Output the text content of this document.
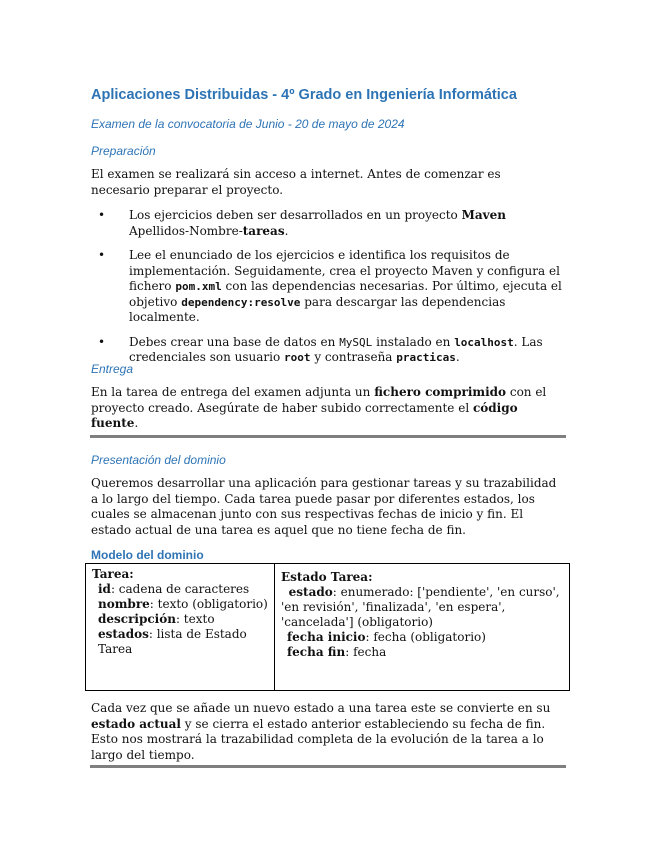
Aplicaciones Distribuidas - 4º Grado en Ingeniería Informática
Examen de la convocatoria de Junio - 20 de mayo de 2024
Preparación

El examen se realizará sin acceso a internet. Antes de comenzar es necesario preparar el proyecto.

• Los ejercicios deben ser desarrollados en un proyecto Maven Apellidos-Nombre-tareas.
• Lee el enunciado de los ejercicios e identifica los requisitos de implementación. Seguidamente, crea el proyecto Maven y configura el fichero pom.xml con las dependencias necesarias. Por último, ejecuta el objetivo dependency:resolve para descargar las dependencias localmente.
• Debes crear una base de datos en MySQL instalado en localhost. Las credenciales son usuario root y contraseña practicas.
Entrega

En la tarea de entrega del examen adjunta un fichero comprimido con el proyecto creado. Asegúrate de haber subido correctamente el código fuente.

Presentación del dominio

Queremos desarrollar una aplicación para gestionar tareas y su trazabilidad a lo largo del tiempo. Cada tarea puede pasar por diferentes estados, los cuales se almacenan junto con sus respectivas fechas de inicio y fin. El estado actual de una tarea es aquel que no tiene fecha de fin.

Modelo del dominio
Tarea:
id: cadena de caracteres
nombre: texto (obligatorio)
descripción: texto
estados: lista de Estado Tarea

Estado Tarea:
estado: enumerado: ['pendiente', 'en curso', 'en revisión', 'finalizada', 'en espera', 'cancelada'] (obligatorio)
fecha inicio: fecha (obligatorio)
fecha fin: fecha

Cada vez que se añade un nuevo estado a una tarea este se convierte en su estado actual y se cierra el estado anterior estableciendo su fecha de fin. Esto nos mostrará la trazabilidad completa de la evolución de la tarea a lo largo del tiempo.
